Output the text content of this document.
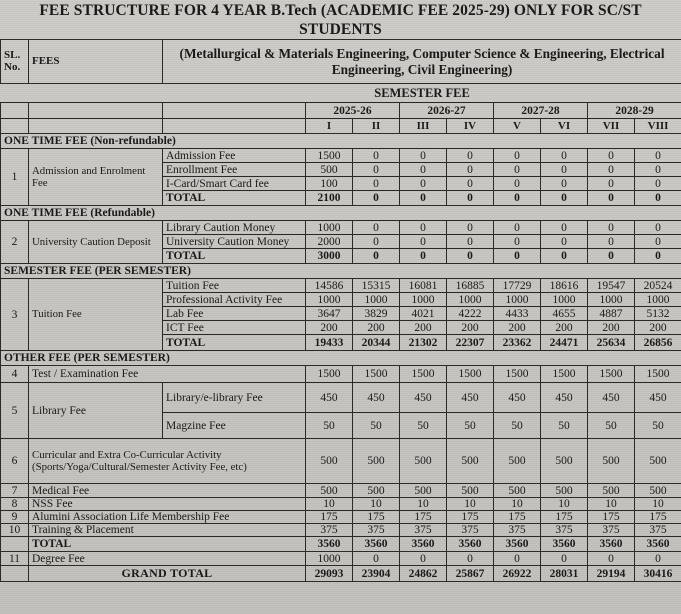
FEE STRUCTURE FOR 4 YEAR B.Tech (ACADEMIC FEE 2025-29) ONLY FOR SC/ST
STUDENTS
SL.
No.	FEES	(Metallurgical & Materials Engineering, Computer Science & Engineering, Electrical Engineering, Civil Engineering)								
		SEMESTER FEE								
			2025-26		2026-27		2027-28		2028-29	
			I	II	III	IV	V	VI	VII	VIII
ONE TIME FEE (Non-refundable)										
1	Admission and Enrolment Fee	Admission Fee	1500	0	0	0	0	0	0	0
		Enrollment Fee	500	0	0	0	0	0	0	0
		I-Card/Smart Card fee	100	0	0	0	0	0	0	0
		TOTAL	2100	0	0	0	0	0	0	0
ONE TIME FEE (Refundable)										
2	University Caution Deposit	Library Caution Money	1000	0	0	0	0	0	0	0
		University Caution Money	2000	0	0	0	0	0	0	0
		TOTAL	3000	0	0	0	0	0	0	0
SEMESTER FEE (PER SEMESTER)										
3	Tuition Fee	Tuition Fee	14586	15315	16081	16885	17729	18616	19547	20524
		Professional Activity Fee	1000	1000	1000	1000	1000	1000	1000	1000
		Lab Fee	3647	3829	4021	4222	4433	4655	4887	5132
		ICT Fee	200	200	200	200	200	200	200	200
		TOTAL	19433	20344	21302	22307	23362	24471	25634	26856
OTHER FEE (PER SEMESTER)										
4	Test / Examination Fee		1500	1500	1500	1500	1500	1500	1500	1500
5	Library Fee	Library/e-library Fee	450	450	450	450	450	450	450	450
		Magzine Fee	50	50	50	50	50	50	50	50
6	Curricular and Extra Co-Curricular Activity
(Sports/Yoga/Cultural/Semester Activity Fee, etc)		500	500	500	500	500	500	500	500
7	Medical Fee		500	500	500	500	500	500	500	500
8	NSS Fee		10	10	10	10	10	10	10	10
9	Alumini Association Life Membership Fee		175	175	175	175	175	175	175	175
10	Training & Placement		375	375	375	375	375	375	375	375
	TOTAL		3560	3560	3560	3560	3560	3560	3560	3560
11	Degree Fee		1000	0	0	0	0	0	0	0
	GRAND TOTAL		29093	23904	24862	25867	26922	28031	29194	30416
